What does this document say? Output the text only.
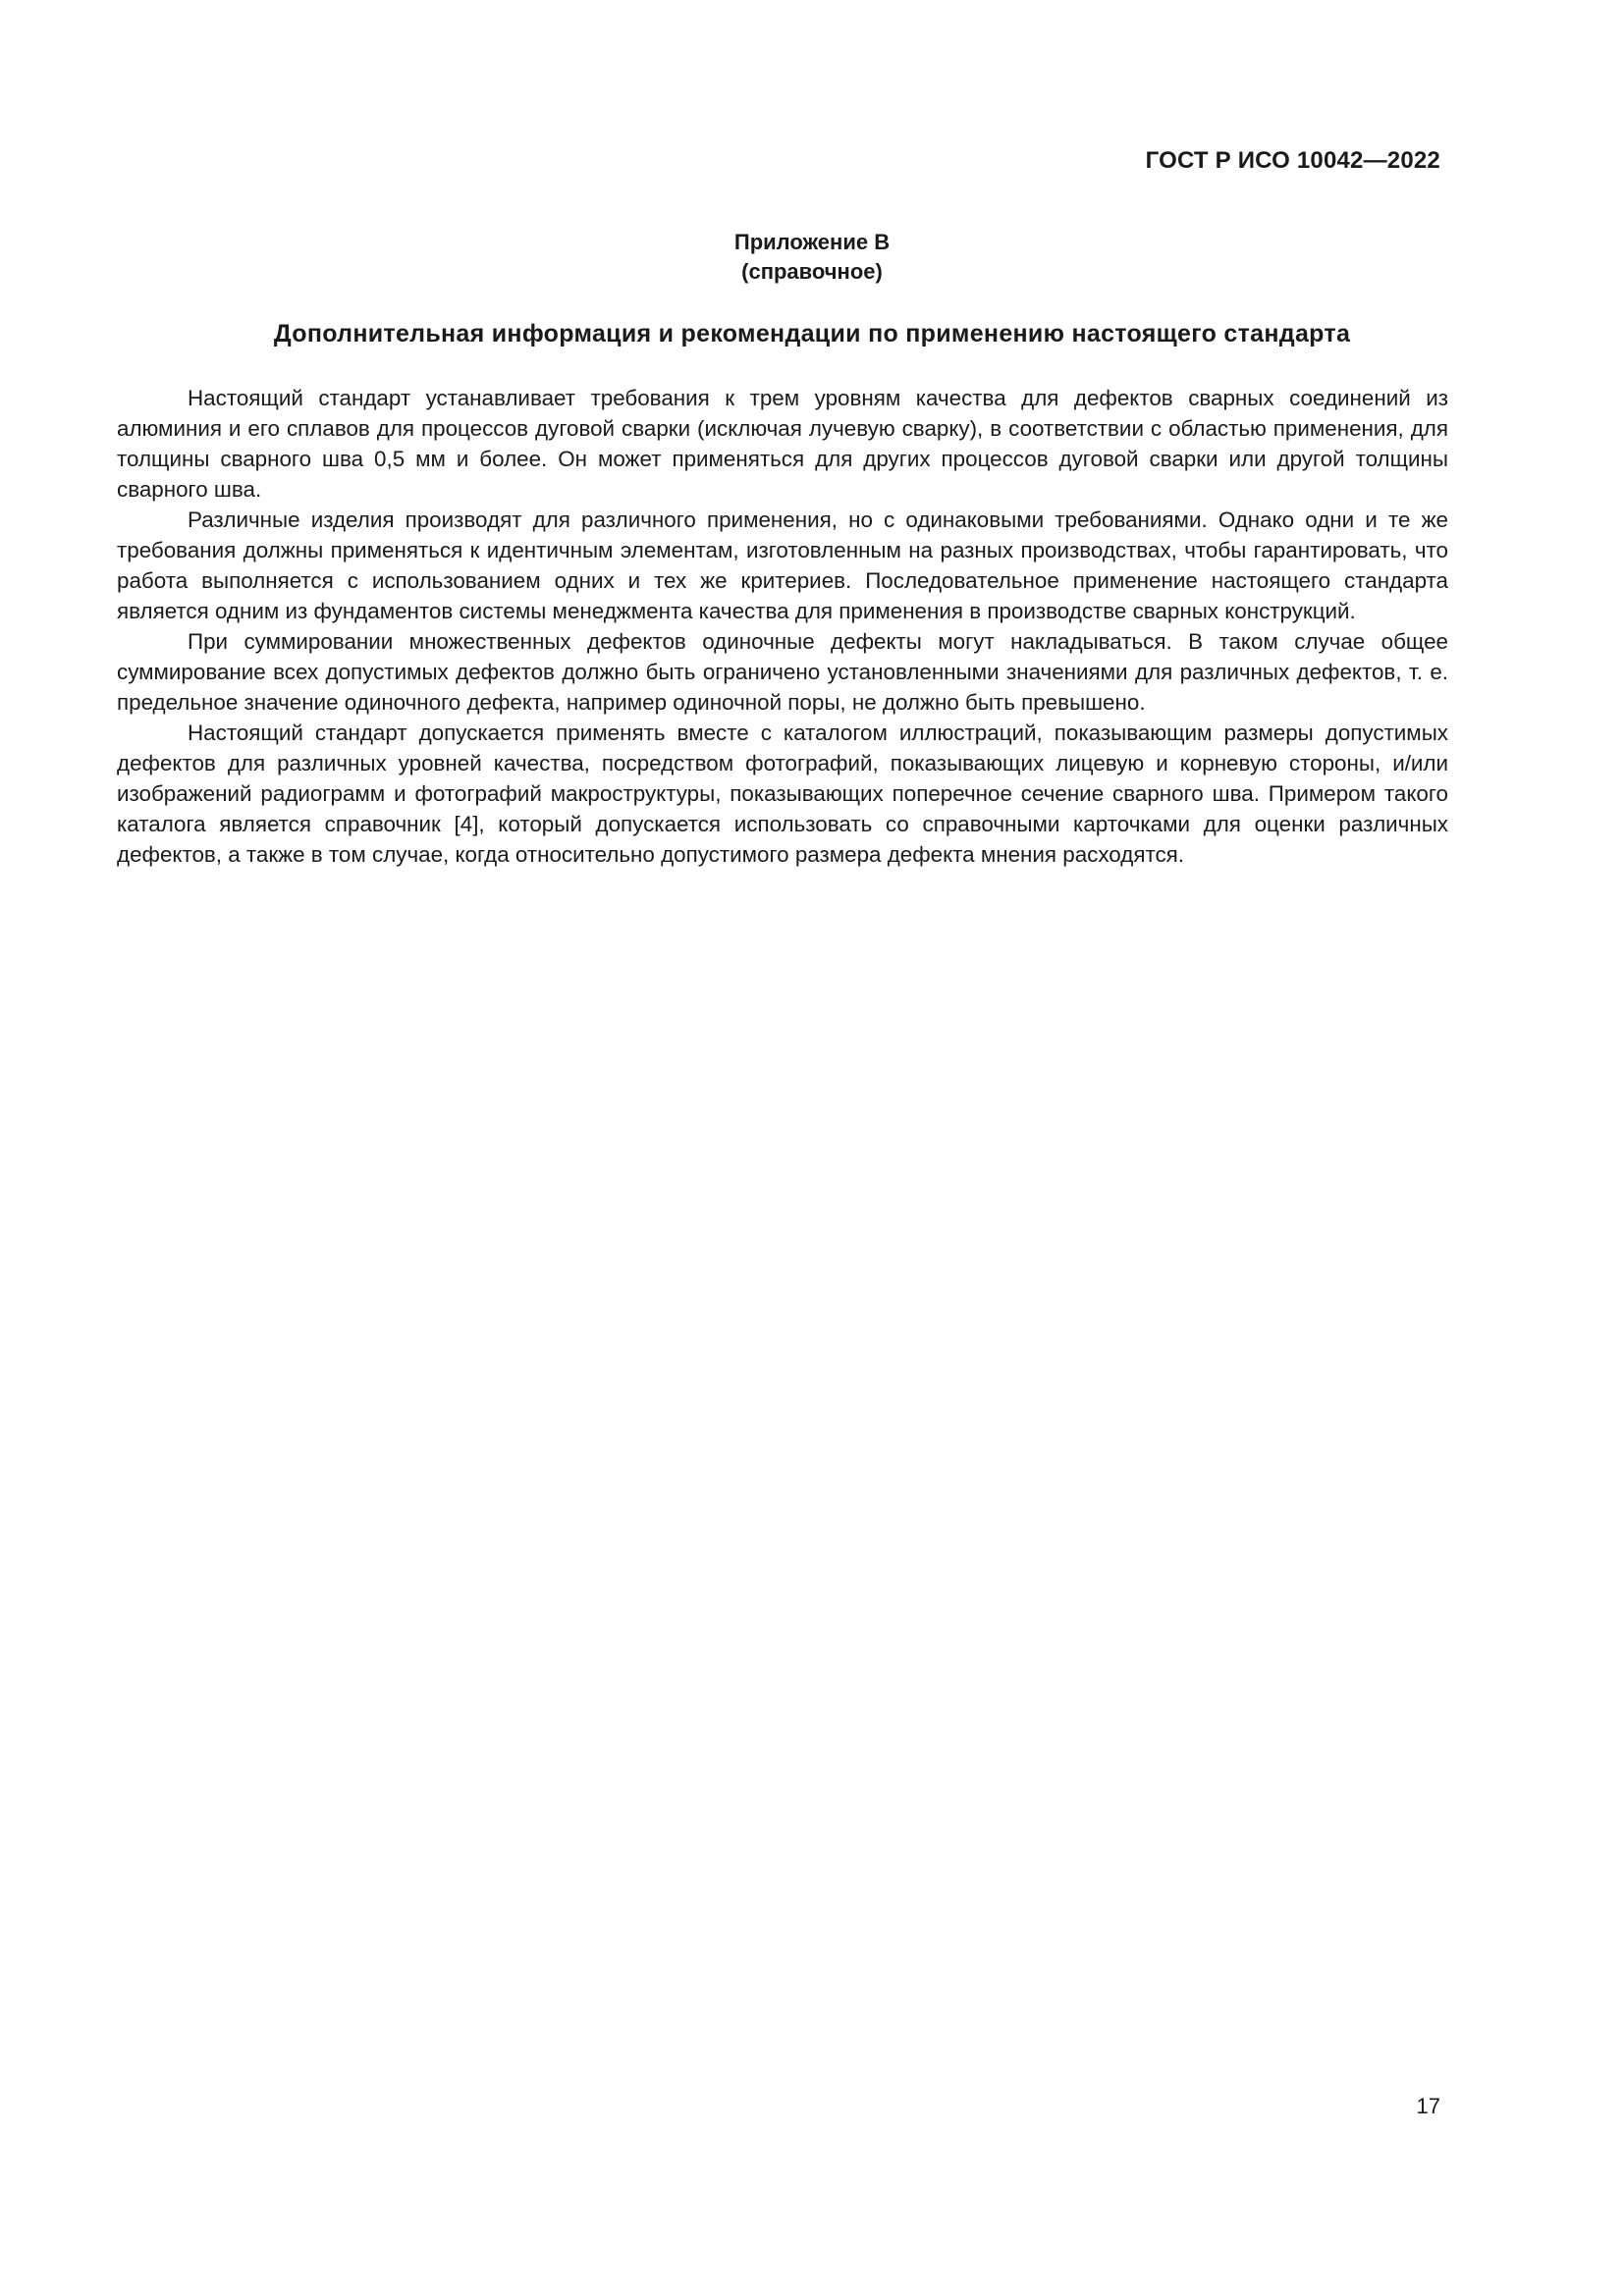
ГОСТ Р ИСО 10042—2022
Приложение В
(справочное)
Дополнительная информация и рекомендации по применению настоящего стандарта

Настоящий стандарт устанавливает требования к трем уровням качества для дефектов сварных соединений из алюминия и его сплавов для процессов дуговой сварки (исключая лучевую сварку), в соответствии с областью применения, для толщины сварного шва 0,5 мм и более. Он может применяться для других процессов дуговой сварки или другой толщины сварного шва.

Различные изделия производят для различного применения, но с одинаковыми требованиями. Однако одни и те же требования должны применяться к идентичным элементам, изготовленным на разных производствах, чтобы гарантировать, что работа выполняется с использованием одних и тех же критериев. Последовательное применение настоящего стандарта является одним из фундаментов системы менеджмента качества для применения в производстве сварных конструкций.

При суммировании множественных дефектов одиночные дефекты могут накладываться. В таком случае общее суммирование всех допустимых дефектов должно быть ограничено установленными значениями для различных дефектов, т. е. предельное значение одиночного дефекта, например одиночной поры, не должно быть превышено.

Настоящий стандарт допускается применять вместе с каталогом иллюстраций, показывающим размеры допустимых дефектов для различных уровней качества, посредством фотографий, показывающих лицевую и корневую стороны, и/или изображений радиограмм и фотографий макроструктуры, показывающих поперечное сечение сварного шва. Примером такого каталога является справочник [4], который допускается использовать со справочными карточками для оценки различных дефектов, а также в том случае, когда относительно допустимого размера дефекта мнения расходятся.

17
